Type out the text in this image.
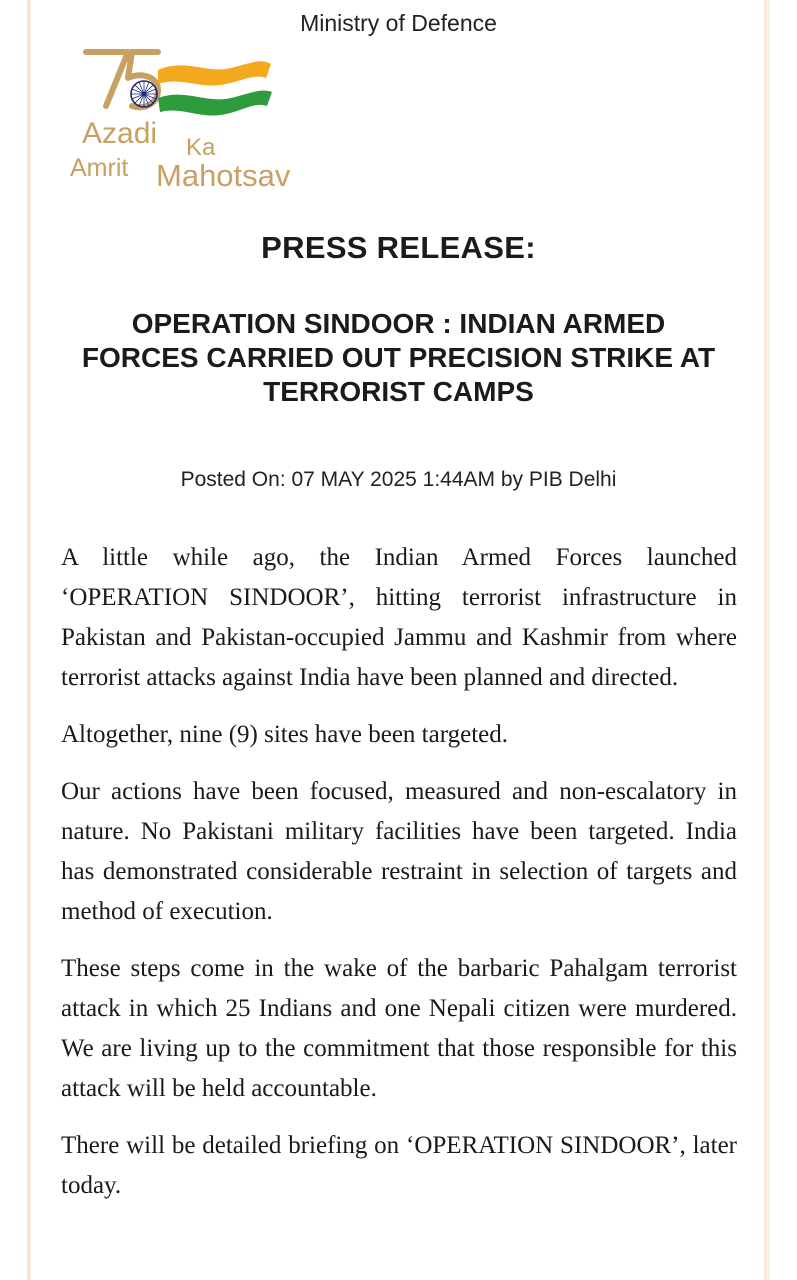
Ministry of Defence
Azadi Ka
Amrit Mahotsav
PRESS RELEASE:
OPERATION SINDOOR : INDIAN ARMED FORCES CARRIED OUT PRECISION STRIKE AT TERRORIST CAMPS
Posted On: 07 MAY 2025 1:44AM by PIB Delhi

A little while ago, the Indian Armed Forces launched ‘OPERATION SINDOOR’, hitting terrorist infrastructure in Pakistan and Pakistan-occupied Jammu and Kashmir from where terrorist attacks against India have been planned and directed.

Altogether, nine (9) sites have been targeted.

Our actions have been focused, measured and non-escalatory in nature. No Pakistani military facilities have been targeted. India has demonstrated considerable restraint in selection of targets and method of execution.

These steps come in the wake of the barbaric Pahalgam terrorist attack in which 25 Indians and one Nepali citizen were murdered. We are living up to the commitment that those responsible for this attack will be held accountable.

There will be detailed briefing on ‘OPERATION SINDOOR’, later today.
